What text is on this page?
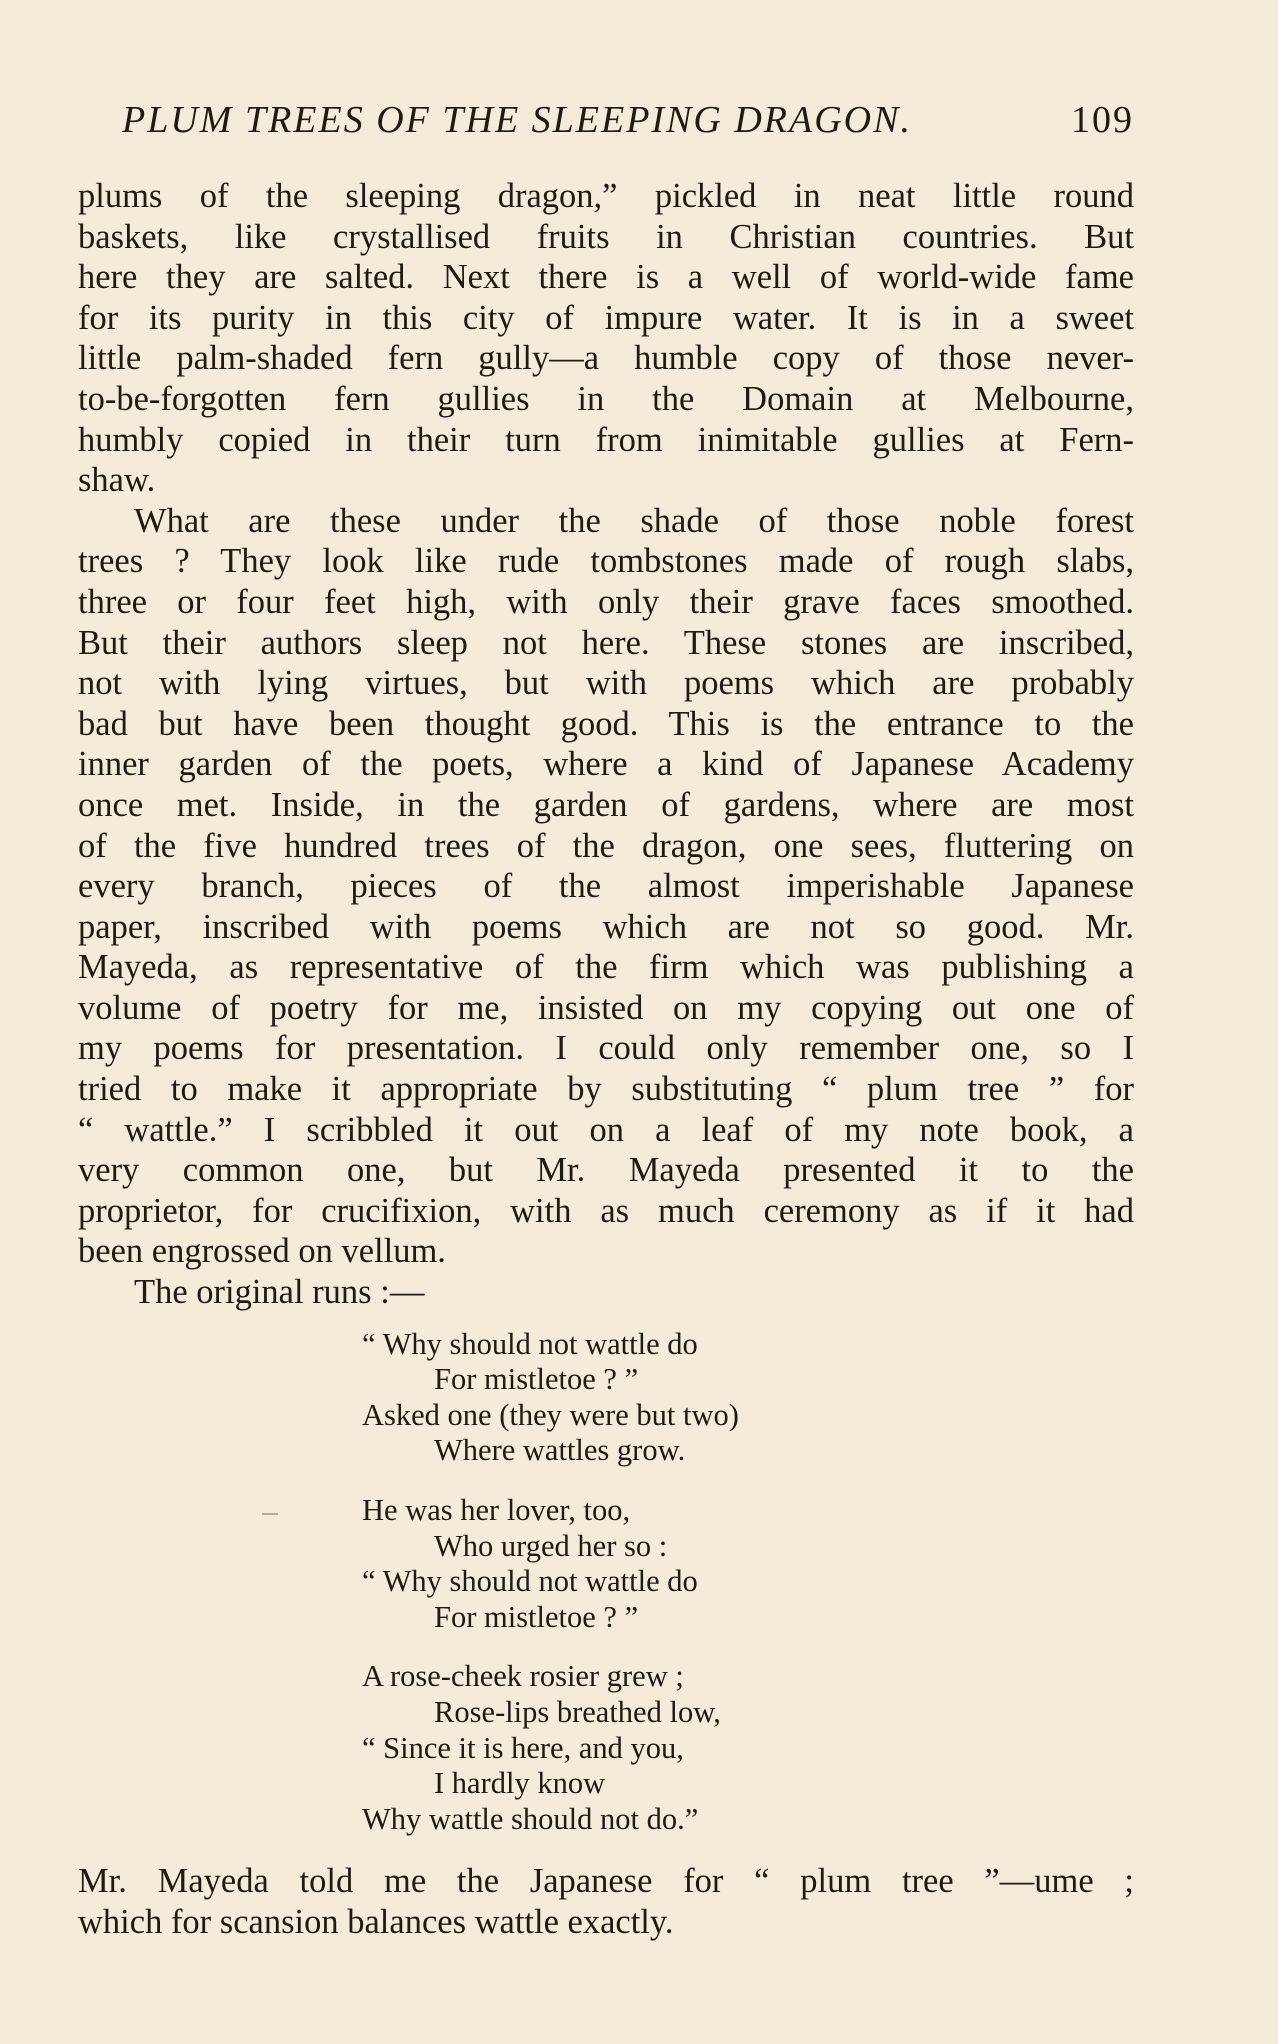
PLUM TREES OF THE SLEEPING DRAGON.	109
plums of the sleeping dragon,” pickled in neat little round
baskets, like crystallised fruits in Christian countries. But
here they are salted. Next there is a well of world-wide fame
for its purity in this city of impure water. It is in a sweet
little palm-shaded fern gully—a humble copy of those never-
to-be-forgotten fern gullies in the Domain at Melbourne,
humbly copied in their turn from inimitable gullies at Fern-
shaw.
What are these under the shade of those noble forest
trees ? They look like rude tombstones made of rough slabs,
three or four feet high, with only their grave faces smoothed.
But their authors sleep not here. These stones are inscribed,
not with lying virtues, but with poems which are probably
bad but have been thought good. This is the entrance to the
inner garden of the poets, where a kind of Japanese Academy
once met. Inside, in the garden of gardens, where are most
of the five hundred trees of the dragon, one sees, fluttering on
every branch, pieces of the almost imperishable Japanese
paper, inscribed with poems which are not so good. Mr.
Mayeda, as representative of the firm which was publishing a
volume of poetry for me, insisted on my copying out one of
my poems for presentation. I could only remember one, so I
tried to make it appropriate by substituting “ plum tree ” for
“ wattle.” I scribbled it out on a leaf of my note book, a
very common one, but Mr. Mayeda presented it to the
proprietor, for crucifixion, with as much ceremony as if it had
been engrossed on vellum.
The original runs :—
“ Why should not wattle do
For mistletoe ? ”
Asked one (they were but two)
Where wattles grow.
He was her lover, too,
Who urged her so :
“ Why should not wattle do
For mistletoe ? ”
A rose-cheek rosier grew ;
Rose-lips breathed low,
“ Since it is here, and you,
I hardly know
Why wattle should not do.”
Mr. Mayeda told me the Japanese for “ plum tree ”—ume ;
which for scansion balances wattle exactly.
